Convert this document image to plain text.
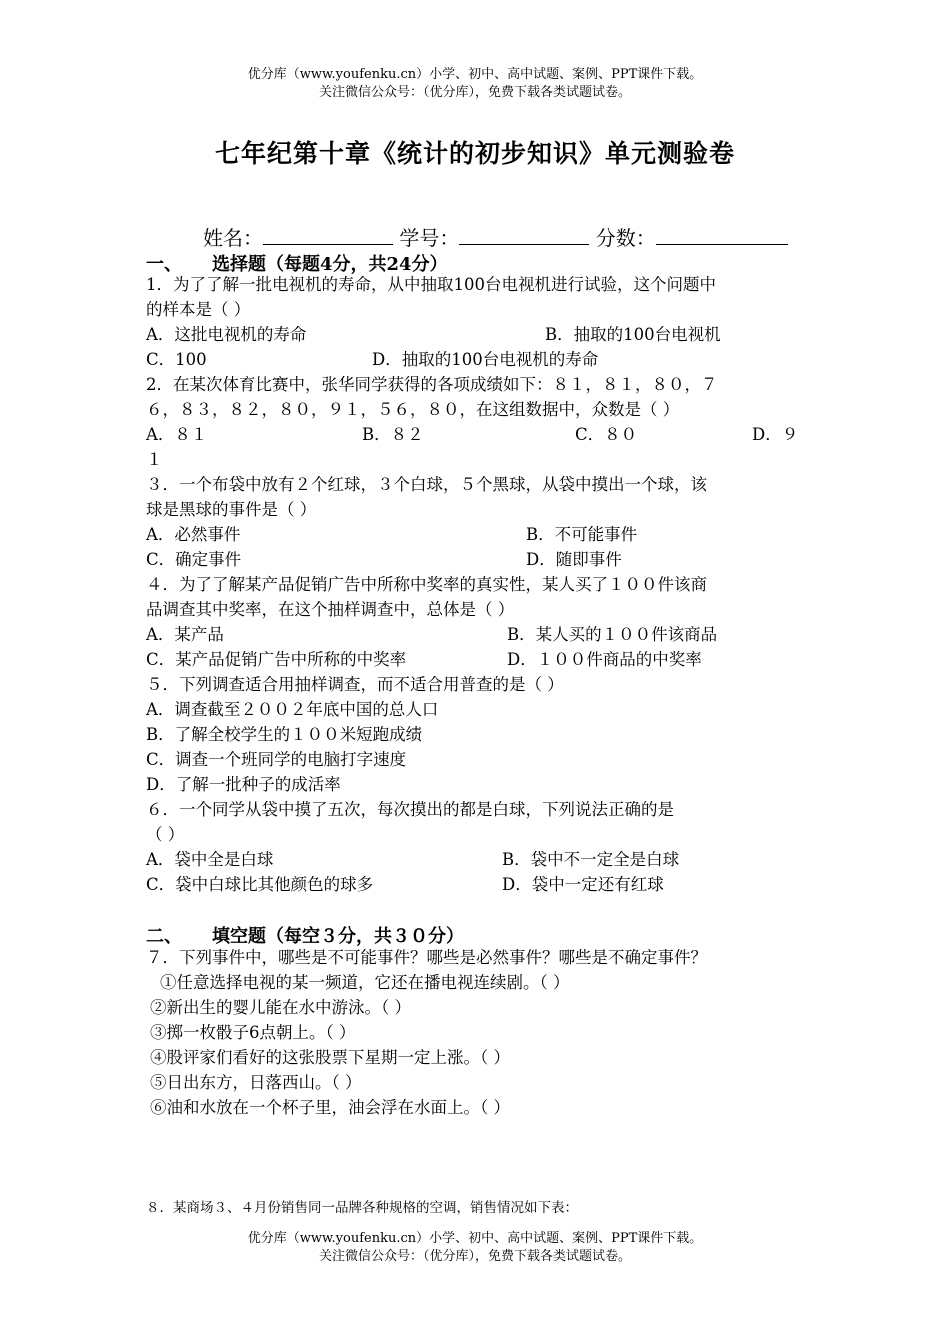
优分库（www.youfenku.cn）小学、初中、高中试题、案例、PPT课件下载。
关注微信公众号：（优分库），免费下载各类试题试卷。
七年纪第十章《统计的初步知识》单元测验卷
姓名：	学号：	分数：
一、 选择题（每题4分，共24分）
1．为了了解一批电视机的寿命，从中抽取100台电视机进行试验，这个问题中
的样本是（ ）
A．这批电视机的寿命	B．抽取的100台电视机
C．100	D．抽取的100台电视机的寿命
2．在某次体育比赛中，张华同学获得的各项成绩如下：８１，８１，８０，７
６，８３，８２，８０，９１，５６，８０，在这组数据中，众数是（ ）
A．８１	B．８２	C．８０	D．９
１
３．一个布袋中放有２个红球，３个白球，５个黑球，从袋中摸出一个球，该
球是黑球的事件是（ ）
A．必然事件	B．不可能事件
C．确定事件	D．随即事件
４．为了了解某产品促销广告中所称中奖率的真实性，某人买了１００件该商
品调查其中奖率，在这个抽样调查中，总体是（ ）
A．某产品	B．某人买的１００件该商品
C．某产品促销广告中所称的中奖率	D．１００件商品的中奖率
５．下列调查适合用抽样调查，而不适合用普查的是（ ）
A．调查截至２００２年底中国的总人口
B．了解全校学生的１００米短跑成绩
C．调查一个班同学的电脑打字速度
D．了解一批种子的成活率
６．一个同学从袋中摸了五次，每次摸出的都是白球，下列说法正确的是
（ ）
A．袋中全是白球	B．袋中不一定全是白球
C．袋中白球比其他颜色的球多	D．袋中一定还有红球
二、 填空题（每空３分，共３０分）
７．下列事件中，哪些是不可能事件？哪些是必然事件？哪些是不确定事件？
①任意选择电视的某一频道，它还在播电视连续剧。（ ）
②新出生的婴儿能在水中游泳。（ ）
③掷一枚骰子6点朝上。（ ）
④股评家们看好的这张股票下星期一定上涨。（ ）
⑤日出东方，日落西山。（ ）
⑥油和水放在一个杯子里，油会浮在水面上。（ ）
８．某商场３、４月份销售同一品牌各种规格的空调，销售情况如下表：
优分库（www.youfenku.cn）小学、初中、高中试题、案例、PPT课件下载。
关注微信公众号：（优分库），免费下载各类试题试卷。
